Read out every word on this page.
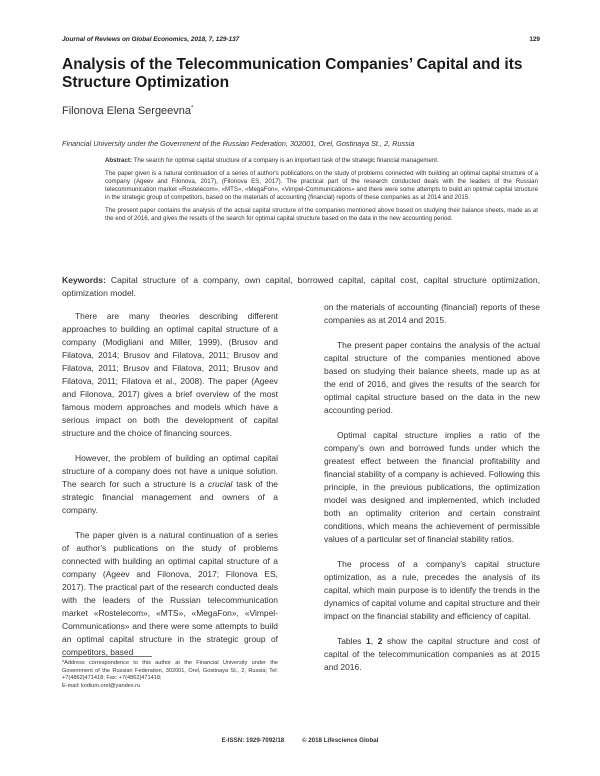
Journal of Reviews on Global Economics, 2018, 7, 129-137	129
Analysis of the Telecommunication Companies’ Capital and its Structure Optimization
Filonova Elena Sergeevna*
Financial University under the Government of the Russian Federation, 302001, Orel, Gostinaya St., 2, Russia

Abstract: The search for optimal capital structure of a company is an important task of the strategic financial management.

The paper given is a natural continuation of a series of author's publications on the study of problems connected with building an optimal capital structure of a company (Ageev and Filonova, 2017), (Filonova ES, 2017). The practical part of the research conducted deals with the leaders of the Russian telecommunication market «Rostelecom», «MTS», «MegaFon», «Vimpel-Communications» and there were some attempts to build an optimal capital structure in the strategic group of competitors, based on the materials of accounting (financial) reports of these companies as at 2014 and 2015.

The present paper contains the analysis of the actual capital structure of the companies mentioned above based on studying their balance sheets, made as at the end of 2016, and gives the results of the search for optimal capital structure based on the data in the new accounting period.

Keywords: Capital structure of a company, own capital, borrowed capital, capital cost, capital structure optimization, optimization model.

There are many theories describing different approaches to building an optimal capital structure of a company (Modigliani and Miller, 1999), (Brusov and Filatova, 2014; Brusov and Filatova, 2011; Brusov and Filatova, 2011; Brusov and Filatova, 2011; Brusov and Filatova, 2011; Filatova et al., 2008). The paper (Ageev and Filonova, 2017) gives a brief overview of the most famous modern approaches and models which have a serious impact on both the development of capital structure and the choice of financing sources.

However, the problem of building an optimal capital structure of a company does not have a unique solution. The search for such a structure is a crucial task of the strategic financial management and owners of a company.

The paper given is a natural continuation of a series of author's publications on the study of problems connected with building an optimal capital structure of a company (Ageev and Filonova, 2017; Filonova ES, 2017). The practical part of the research conducted deals with the leaders of the Russian telecommunication market «Rostelecom», «MTS», «MegaFon», «Vimpel-Communications» and there were some attempts to build an optimal capital structure in the strategic group of competitors, based

on the materials of accounting (financial) reports of these companies as at 2014 and 2015.

The present paper contains the analysis of the actual capital structure of the companies mentioned above based on studying their balance sheets, made up as at the end of 2016, and gives the results of the search for optimal capital structure based on the data in the new accounting period.

Optimal capital structure implies a ratio of the company's own and borrowed funds under which the greatest effect between the financial profitability and financial stability of a company is achieved. Following this principle, in the previous publications, the optimization model was designed and implemented, which included both an optimality criterion and certain constraint conditions, which means the achievement of permissible values of a particular set of financial stability ratios.

The process of a company's capital structure optimization, as a rule, precedes the analysis of its capital, which main purpose is to identify the trends in the dynamics of capital volume and capital structure and their impact on the financial stability and efficiency of capital.

Tables 1, 2 show the capital structure and cost of capital of the telecommunication companies as at 2015 and 2016.

*Address correspondence to this author at the Financial University under the Government of the Russian Federation, 302001, Orel, Gostinaya St., 2, Russia; Tel: +7(4862)471418; Fax: +7(4862)471418;
E-mail: kodium.orel@yandex.ru
E-ISSN: 1929-7092/18	© 2018 Lifescience Global
